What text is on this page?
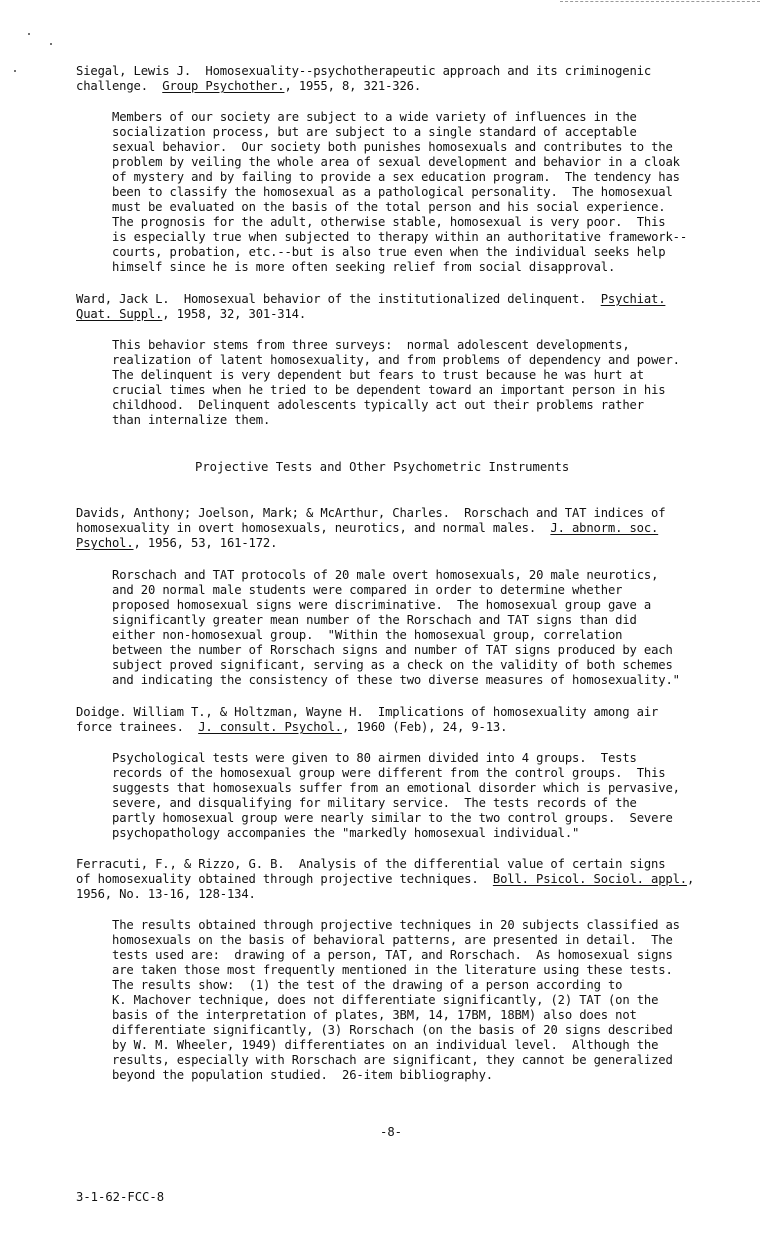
Siegal, Lewis J.  Homosexuality--psychotherapeutic approach and its criminogenic
challenge.  Group Psychother., 1955, 8, 321-326.
Members of our society are subject to a wide variety of influences in the
socialization process, but are subject to a single standard of acceptable
sexual behavior.  Our society both punishes homosexuals and contributes to the
problem by veiling the whole area of sexual development and behavior in a cloak
of mystery and by failing to provide a sex education program.  The tendency has
been to classify the homosexual as a pathological personality.  The homosexual
must be evaluated on the basis of the total person and his social experience.
The prognosis for the adult, otherwise stable, homosexual is very poor.  This
is especially true when subjected to therapy within an authoritative framework--
courts, probation, etc.--but is also true even when the individual seeks help
himself since he is more often seeking relief from social disapproval.
Ward, Jack L.  Homosexual behavior of the institutionalized delinquent.  Psychiat.
Quat. Suppl., 1958, 32, 301-314.
This behavior stems from three surveys:  normal adolescent developments,
realization of latent homosexuality, and from problems of dependency and power.
The delinquent is very dependent but fears to trust because he was hurt at
crucial times when he tried to be dependent toward an important person in his
childhood.  Delinquent adolescents typically act out their problems rather
than internalize them.
Davids, Anthony; Joelson, Mark; & McArthur, Charles.  Rorschach and TAT indices of
homosexuality in overt homosexuals, neurotics, and normal males.  J. abnorm. soc.
Psychol., 1956, 53, 161-172.
Rorschach and TAT protocols of 20 male overt homosexuals, 20 male neurotics,
and 20 normal male students were compared in order to determine whether
proposed homosexual signs were discriminative.  The homosexual group gave a
significantly greater mean number of the Rorschach and TAT signs than did
either non-homosexual group.  "Within the homosexual group, correlation
between the number of Rorschach signs and number of TAT signs produced by each
subject proved significant, serving as a check on the validity of both schemes
and indicating the consistency of these two diverse measures of homosexuality."
Doidge. William T., & Holtzman, Wayne H.  Implications of homosexuality among air
force trainees.  J. consult. Psychol., 1960 (Feb), 24, 9-13.
Psychological tests were given to 80 airmen divided into 4 groups.  Tests
records of the homosexual group were different from the control groups.  This
suggests that homosexuals suffer from an emotional disorder which is pervasive,
severe, and disqualifying for military service.  The tests records of the
partly homosexual group were nearly similar to the two control groups.  Severe
psychopathology accompanies the "markedly homosexual individual."
Ferracuti, F., & Rizzo, G. B.  Analysis of the differential value of certain signs
of homosexuality obtained through projective techniques.  Boll. Psicol. Sociol. appl.,
1956, No. 13-16, 128-134.
The results obtained through projective techniques in 20 subjects classified as
homosexuals on the basis of behavioral patterns, are presented in detail.  The
tests used are:  drawing of a person, TAT, and Rorschach.  As homosexual signs
are taken those most frequently mentioned in the literature using these tests.
The results show:  (1) the test of the drawing of a person according to
K. Machover technique, does not differentiate significantly, (2) TAT (on the
basis of the interpretation of plates, 3BM, 14, 17BM, 18BM) also does not
differentiate significantly, (3) Rorschach (on the basis of 20 signs described
by W. M. Wheeler, 1949) differentiates on an individual level.  Although the
results, especially with Rorschach are significant, they cannot be generalized
beyond the population studied.  26-item bibliography.
Projective Tests and Other Psychometric Instruments
-8-
3-1-62-FCC-8
